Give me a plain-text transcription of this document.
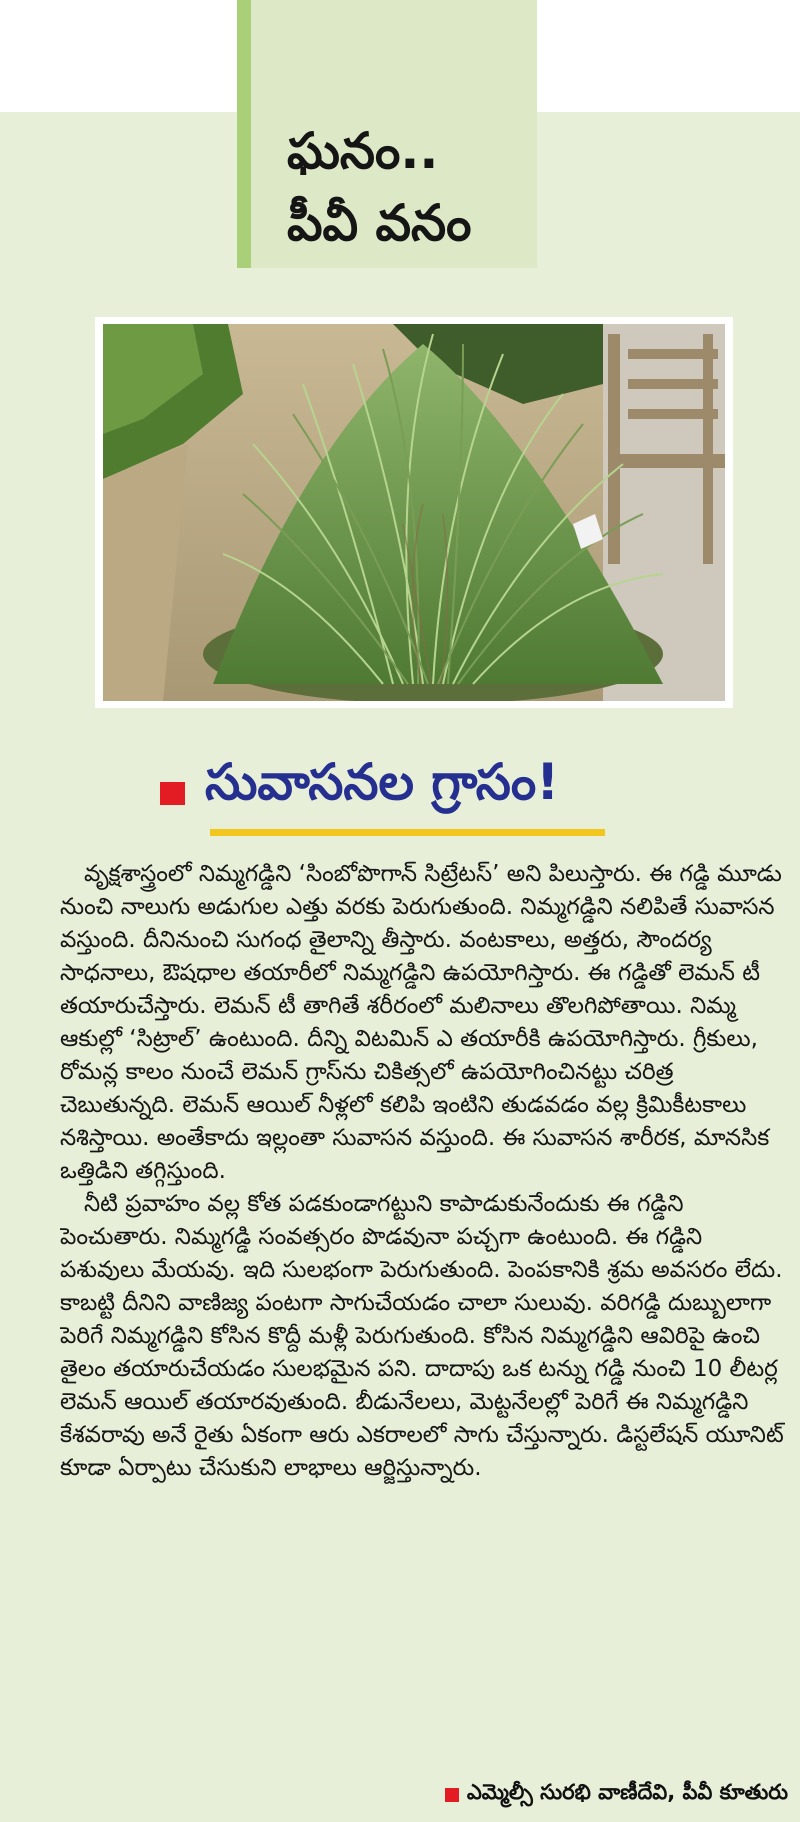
ఘనం..
పీవీ వనం
సువాసనల గ్రాసం!

వృక్షశాస్త్రంలో నిమ్మగడ్డిని ‘సింబోపొగాన్ సిట్రేటస్’ అని పిలుస్తారు. ఈ గడ్డి మూడు నుంచి నాలుగు అడుగుల ఎత్తు వరకు పెరుగుతుంది. నిమ్మగడ్డిని నలిపితే సువాసన వస్తుంది. దీనినుంచి సుగంధ తైలాన్ని తీస్తారు. వంటకాలు, అత్తరు, సౌందర్య సాధనాలు, ఔషధాల తయారీలో నిమ్మగడ్డిని ఉపయోగిస్తారు. ఈ గడ్డితో లెమన్ టీ తయారుచేస్తారు. లెమన్ టీ తాగితే శరీరంలో మలినాలు తొలగిపోతాయి. నిమ్మ ఆకుల్లో ‘సిట్రాల్’ ఉంటుంది. దీన్ని విటమిన్ ఎ తయారీకి ఉపయోగిస్తారు. గ్రీకులు, రోమన్ల కాలం నుంచే లెమన్ గ్రాస్‌ను చికిత్సలో ఉపయోగించినట్టు చరిత్ర చెబుతున్నది. లెమన్ ఆయిల్ నీళ్లలో కలిపి ఇంటిని తుడవడం వల్ల క్రిమికీటకాలు నశిస్తాయి. అంతేకాదు ఇల్లంతా సువాసన వస్తుంది. ఈ సువాసన శారీరక, మానసిక ఒత్తిడిని తగ్గిస్తుంది.

నీటి ప్రవాహం వల్ల కోత పడకుండాగట్టుని కాపాడుకునేందుకు ఈ గడ్డిని పెంచుతారు. నిమ్మగడ్డి సంవత్సరం పొడవునా పచ్చగా ఉంటుంది. ఈ గడ్డిని పశువులు మేయవు. ఇది సులభంగా పెరుగుతుంది. పెంపకానికి శ్రమ అవసరం లేదు. కాబట్టి దీనిని వాణిజ్య పంటగా సాగుచేయడం చాలా సులువు. వరిగడ్డి దుబ్బులాగా పెరిగే నిమ్మగడ్డిని కోసిన కొద్దీ మళ్లీ పెరుగుతుంది. కోసిన నిమ్మగడ్డిని ఆవిరిపై ఉంచి తైలం తయారుచేయడం సులభమైన పని. దాదాపు ఒక టన్ను గడ్డి నుంచి 10 లీటర్ల లెమన్ ఆయిల్ తయారవుతుంది. బీడునేలలు, మెట్టనేలల్లో పెరిగే ఈ నిమ్మగడ్డిని కేశవరావు అనే రైతు ఏకంగా ఆరు ఎకరాలలో సాగు చేస్తున్నారు. డిస్టలేషన్ యూనిట్ కూడా ఏర్పాటు చేసుకుని లాభాలు ఆర్జిస్తున్నారు.

ఎమ్మెల్సీ సురభి వాణీదేవి, పీవీ కూతురు
